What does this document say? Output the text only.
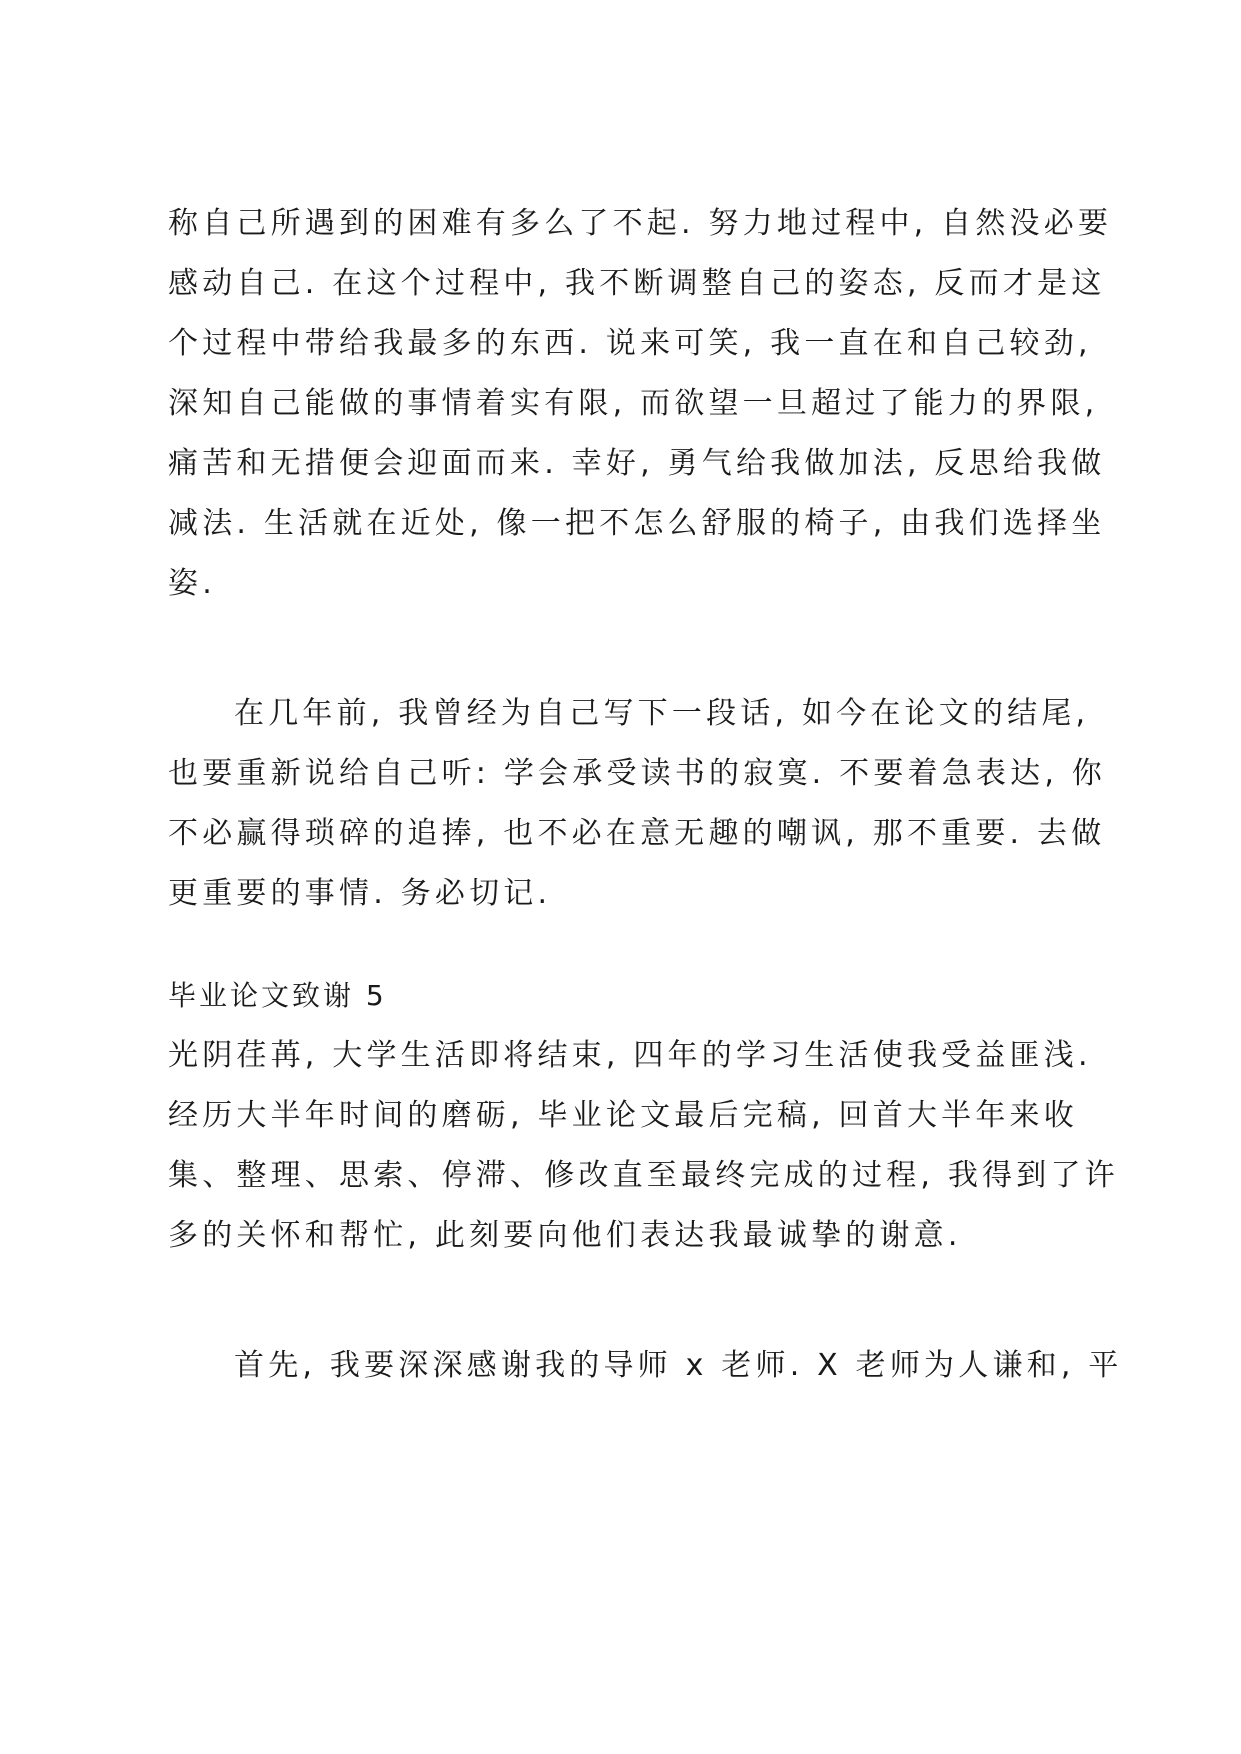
称自己所遇到的困难有多么了不起. 努力地过程中, 自然没必要
感动自己. 在这个过程中, 我不断调整自己的姿态, 反而才是这
个过程中带给我最多的东西. 说来可笑, 我一直在和自己较劲,
深知自己能做的事情着实有限, 而欲望一旦超过了能力的界限,
痛苦和无措便会迎面而来. 幸好, 勇气给我做加法, 反思给我做
减法. 生活就在近处, 像一把不怎么舒服的椅子, 由我们选择坐
姿.
在几年前, 我曾经为自己写下一段话, 如今在论文的结尾,
也要重新说给自己听: 学会承受读书的寂寞. 不要着急表达, 你
不必赢得琐碎的追捧, 也不必在意无趣的嘲讽, 那不重要. 去做
更重要的事情. 务必切记.
毕业论文致谢 5
光阴荏苒, 大学生活即将结束, 四年的学习生活使我受益匪浅.
经历大半年时间的磨砺, 毕业论文最后完稿, 回首大半年来收
集、整理、思索、停滞、修改直至最终完成的过程, 我得到了许
多的关怀和帮忙, 此刻要向他们表达我最诚挚的谢意.
首先, 我要深深感谢我的导师 x 老师. X 老师为人谦和, 平
